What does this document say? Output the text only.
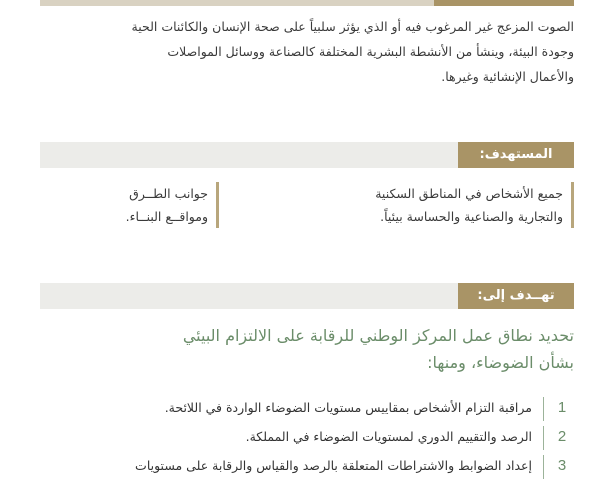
الصوت المزعج غير المرغوب فيه أو الذي يؤثر سلبياً على صحة الإنسان والكائنات الحية

وجودة البيئة، وينشأ من الأنشطة البشرية المختلفة كالصناعة ووسائل المواصلات

والأعمال الإنشائية وغيرها.

المستهدف:

جميع الأشخاص في المناطق السكنية

والتجارية والصناعية والحساسة بيئياً.

جوانب الطــرق

ومواقــع البنــاء.

تهــدف إلى:

تحديد نطاق عمل المركز الوطني للرقابة على الالتزام البيئي

بشأن الضوضاء، ومنها:

1
مراقبة التزام الأشخاص بمقاييس مستويات الضوضاء الواردة في اللائحة.
2
الرصد والتقييم الدوري لمستويات الضوضاء في المملكة.
3
إعداد الضوابط والاشتراطات المتعلقة بالرصد والقياس والرقابة على مستويات
